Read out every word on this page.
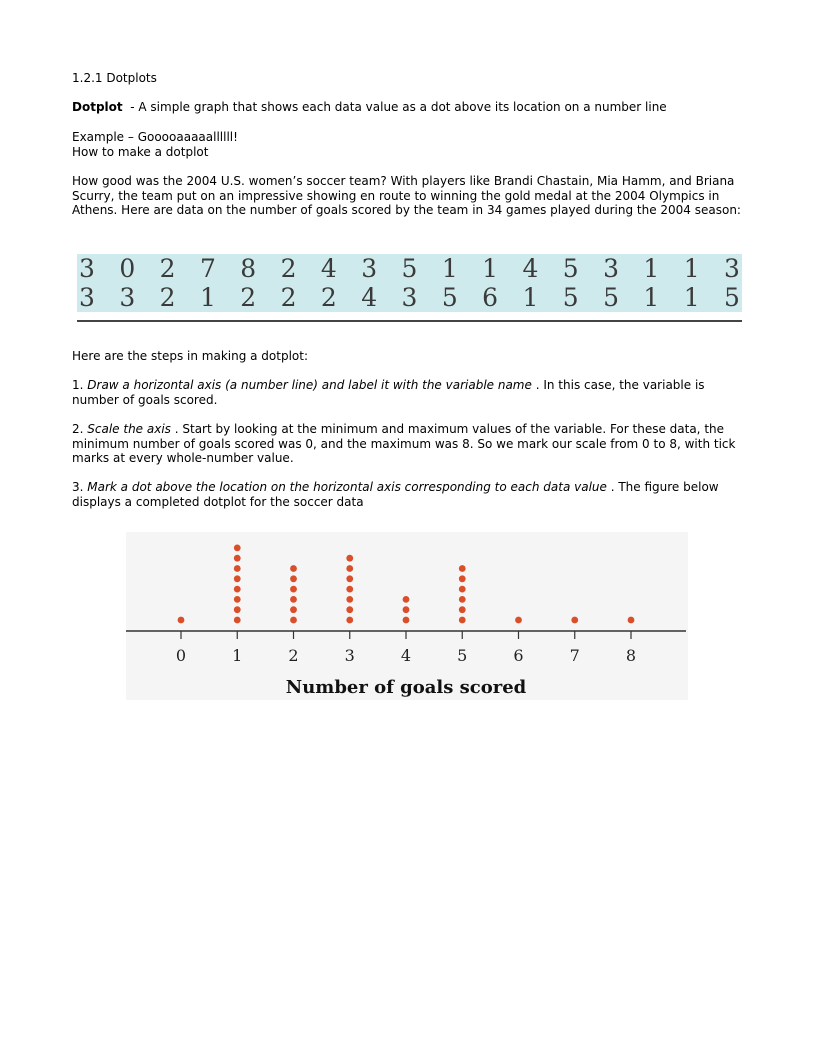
1.2.1 Dotplots

Dotplot  - A simple graph that shows each data value as a dot above its location on a number line

Example – Gooooaaaaallllll!

How to make a dotplot

How good was the 2004 U.S. women’s soccer team? With players like Brandi Chastain, Mia Hamm, and Briana Scurry, the team put on an impressive showing en route to winning the gold medal at the 2004 Olympics in Athens. Here are data on the number of goals scored by the team in 34 games played during the 2004 season:

3 0 2 7 8 2 4 3 5 1 1 4 5 3 1 1 3
3 3 2 1 2 2 2 4 3 5 6 1 5 5 1 1 5

Here are the steps in making a dotplot:

1. Draw a horizontal axis (a number line) and label it with the variable name . In this case, the variable is number of goals scored.

2. Scale the axis . Start by looking at the minimum and maximum values of the variable. For these data, the minimum number of goals scored was 0, and the maximum was 8. So we mark our scale from 0 to 8, with tick marks at every whole-number value.

3. Mark a dot above the location on the horizontal axis corresponding to each data value . The figure below displays a completed dotplot for the soccer data

0	1	2	3	4	5	6	7	8
Number of goals scored
